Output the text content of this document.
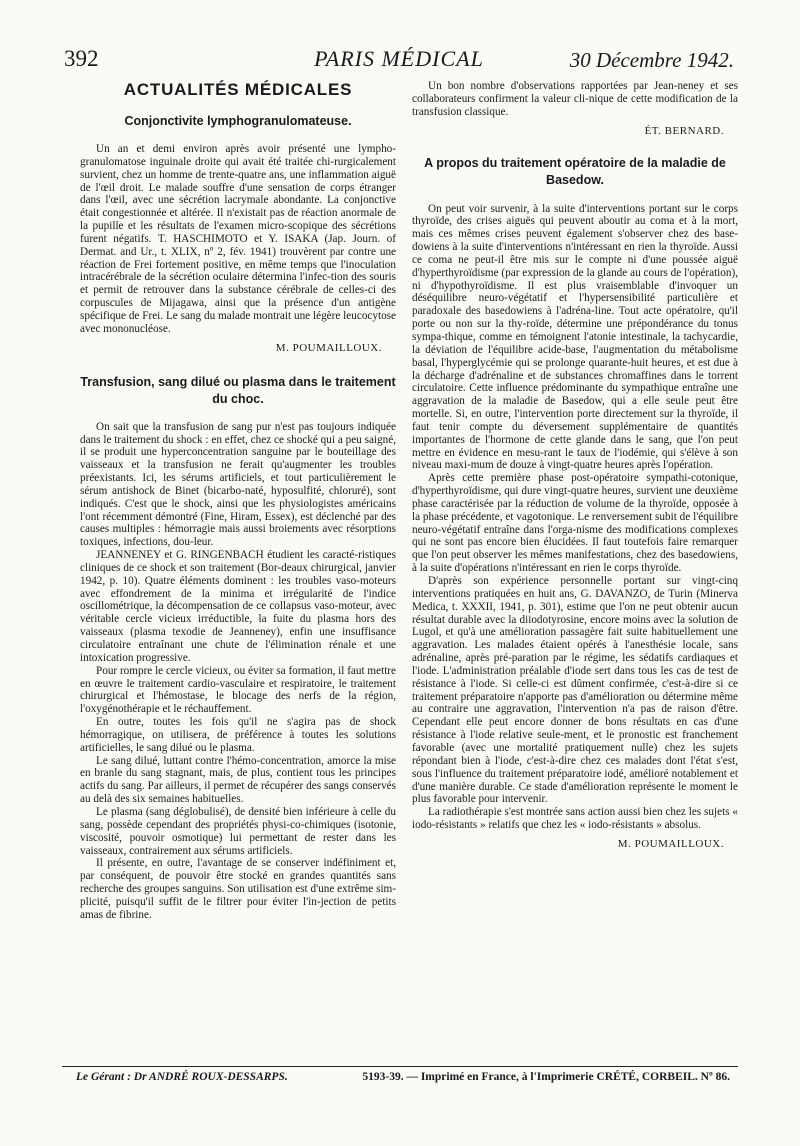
392	PARIS MÉDICAL	30 Décembre 1942.
ACTUALITÉS MÉDICALES
Conjonctivite lymphogranulomateuse.

Un an et demi environ après avoir présenté une lympho-granulomatose inguinale droite qui avait été traitée chi-rurgicalement survient, chez un homme de trente-quatre ans, une inflammation aiguë de l'œil droit. Le malade souffre d'une sensation de corps étranger dans l'œil, avec une sécrétion lacrymale abondante. La conjonctive était congestionnée et altérée. Il n'existait pas de réaction anormale de la pupille et les résultats de l'examen micro-scopique des sécrétions furent négatifs. T. HASCHIMOTO et Y. ISAKA (Jap. Journ. of Dermat. and Ur., t. XLIX, nº 2, fév. 1941) trouvèrent par contre une réaction de Frei fortement positive, en même temps que l'inoculation intracérébrale de la sécrétion oculaire détermina l'infec-tion des souris et permit de retrouver dans la substance cérébrale de celles-ci des corpuscules de Mijagawa, ainsi que la présence d'un antigène spécifique de Frei. Le sang du malade montrait une légère leucocytose avec mononucléose.

M. POUMAILLOUX.
Transfusion, sang dilué ou plasma dans le traitement du choc.

On sait que la transfusion de sang pur n'est pas toujours indiquée dans le traitement du shock : en effet, chez ce shocké qui a peu saigné, il se produit une hyperconcentration sanguine par le bouteillage des vaisseaux et la transfusion ne ferait qu'augmenter les troubles préexistants. Ici, les sérums artificiels, et tout particulièrement le sérum antishock de Binet (bicarbo-naté, hyposulfité, chloruré), sont indiqués. C'est que le shock, ainsi que les physiologistes américains l'ont récemment démontré (Fine, Hiram, Essex), est déclenché par des causes multiples : hémorragie mais aussi broiements avec résorptions toxiques, infections, dou-leur.

JEANNENEY et G. RINGENBACH étudient les caracté-ristiques cliniques de ce shock et son traitement (Bor-deaux chirurgical, janvier 1942, p. 10). Quatre éléments dominent : les troubles vaso-moteurs avec effondrement de la minima et irrégularité de l'indice oscillométrique, la décompensation de ce collapsus vaso-moteur, avec véritable cercle vicieux irréductible, la fuite du plasma hors des vaisseaux (plasma texodie de Jeanneney), enfin une insuffisance circulatoire entraînant une chute de l'élimination rénale et une intoxication progressive.

Pour rompre le cercle vicieux, ou éviter sa formation, il faut mettre en œuvre le traitement cardio-vasculaire et respiratoire, le traitement chirurgical et l'hémostase, le blocage des nerfs de la région, l'oxygénothérapie et le réchauffement.

En outre, toutes les fois qu'il ne s'agira pas de shock hémorragique, on utilisera, de préférence à toutes les solutions artificielles, le sang dilué ou le plasma.

Le sang dilué, luttant contre l'hémo-concentration, amorce la mise en branle du sang stagnant, mais, de plus, contient tous les principes actifs du sang. Par ailleurs, il permet de récupérer des sangs conservés au delà des six semaines habituelles.

Le plasma (sang déglobulisé), de densité bien inférieure à celle du sang, possède cependant des propriétés physi-co-chimiques (isotonie, viscosité, pouvoir osmotique) lui permettant de rester dans les vaisseaux, contrairement aux sérums artificiels.

Il présente, en outre, l'avantage de se conserver indéfiniment et, par conséquent, de pouvoir être stocké en grandes quantités sans recherche des groupes sanguins. Son utilisation est d'une extrême sim-plicité, puisqu'il suffit de le filtrer pour éviter l'in-jection de petits amas de fibrine.

Un bon nombre d'observations rapportées par Jean-neney et ses collaborateurs confirment la valeur cli-nique de cette modification de la transfusion classique.

ÉT. BERNARD.
A propos du traitement opératoire de la maladie de Basedow.

On peut voir survenir, à la suite d'interventions portant sur le corps thyroïde, des crises aiguës qui peuvent aboutir au coma et à la mort, mais ces mêmes crises peuvent également s'observer chez des base-dowiens à la suite d'interventions n'intéressant en rien la thyroïde. Aussi ce coma ne peut-il être mis sur le compte ni d'une poussée aiguë d'hyperthyroïdisme (par expression de la glande au cours de l'opération), ni d'hypothyroïdisme. Il est plus vraisemblable d'invoquer un déséquilibre neuro-végétatif et l'hypersensibilité particulière et paradoxale des basedowiens à l'adréna-line. Tout acte opératoire, qu'il porte ou non sur la thy-roïde, détermine une prépondérance du tonus sympa-thique, comme en témoignent l'atonie intestinale, la tachycardie, la déviation de l'équilibre acide-base, l'augmentation du métabolisme basal, l'hyperglycémie qui se prolonge quarante-huit heures, et est due à la décharge d'adrénaline et de substances chromaffines dans le torrent circulatoire. Cette influence prédominante du sympathique entraîne une aggravation de la maladie de Basedow, qui a elle seule peut être mortelle. Si, en outre, l'intervention porte directement sur la thyroïde, il faut tenir compte du déversement supplémentaire de quantités importantes de l'hormone de cette glande dans le sang, que l'on peut mettre en évidence en mesu-rant le taux de l'iodémie, qui s'élève à son niveau maxi-mum de douze à vingt-quatre heures après l'opération.

Après cette première phase post-opératoire sympathi-cotonique, d'hyperthyroïdisme, qui dure vingt-quatre heures, survient une deuxième phase caractérisée par la réduction de volume de la thyroïde, opposée à la phase précédente, et vagotonique. Le renversement subit de l'équilibre neuro-végétatif entraîne dans l'orga-nisme des modifications complexes qui ne sont pas encore bien élucidées. Il faut toutefois faire remarquer que l'on peut observer les mêmes manifestations, chez des basedowiens, à la suite d'opérations n'intéressant en rien le corps thyroïde.

D'après son expérience personnelle portant sur vingt-cinq interventions pratiquées en huit ans, G. DAVANZO, de Turin (Minerva Medica, t. XXXII, 1941, p. 301), estime que l'on ne peut obtenir aucun résultat durable avec la diiodotyrosine, encore moins avec la solution de Lugol, et qu'à une amélioration passagère fait suite habituellement une aggravation. Les malades étaient opérés à l'anesthésie locale, sans adrénaline, après pré-paration par le régime, les sédatifs cardiaques et l'iode. L'administration préalable d'iode sert dans tous les cas de test de résistance à l'iode. Si celle-ci est dûment confirmée, c'est-à-dire si ce traitement préparatoire n'apporte pas d'amélioration ou détermine même au contraire une aggravation, l'intervention n'a pas de raison d'être. Cependant elle peut encore donner de bons résultats en cas d'une résistance à l'iode relative seule-ment, et le pronostic est franchement favorable (avec une mortalité pratiquement nulle) chez les sujets répondant bien à l'iode, c'est-à-dire chez ces malades dont l'état s'est, sous l'influence du traitement préparatoire iodé, amélioré notablement et d'une manière durable. Ce stade d'amélioration représente le moment le plus favorable pour intervenir.

La radiothérapie s'est montrée sans action aussi bien chez les sujets « iodo-résistants » relatifs que chez les « iodo-résistants » absolus.

M. POUMAILLOUX.
Le Gérant : Dr ANDRÉ ROUX-DESSARPS.	5193-39. — Imprimé en France, à l'Imprimerie CRÉTÉ, CORBEIL. Nº 86.
